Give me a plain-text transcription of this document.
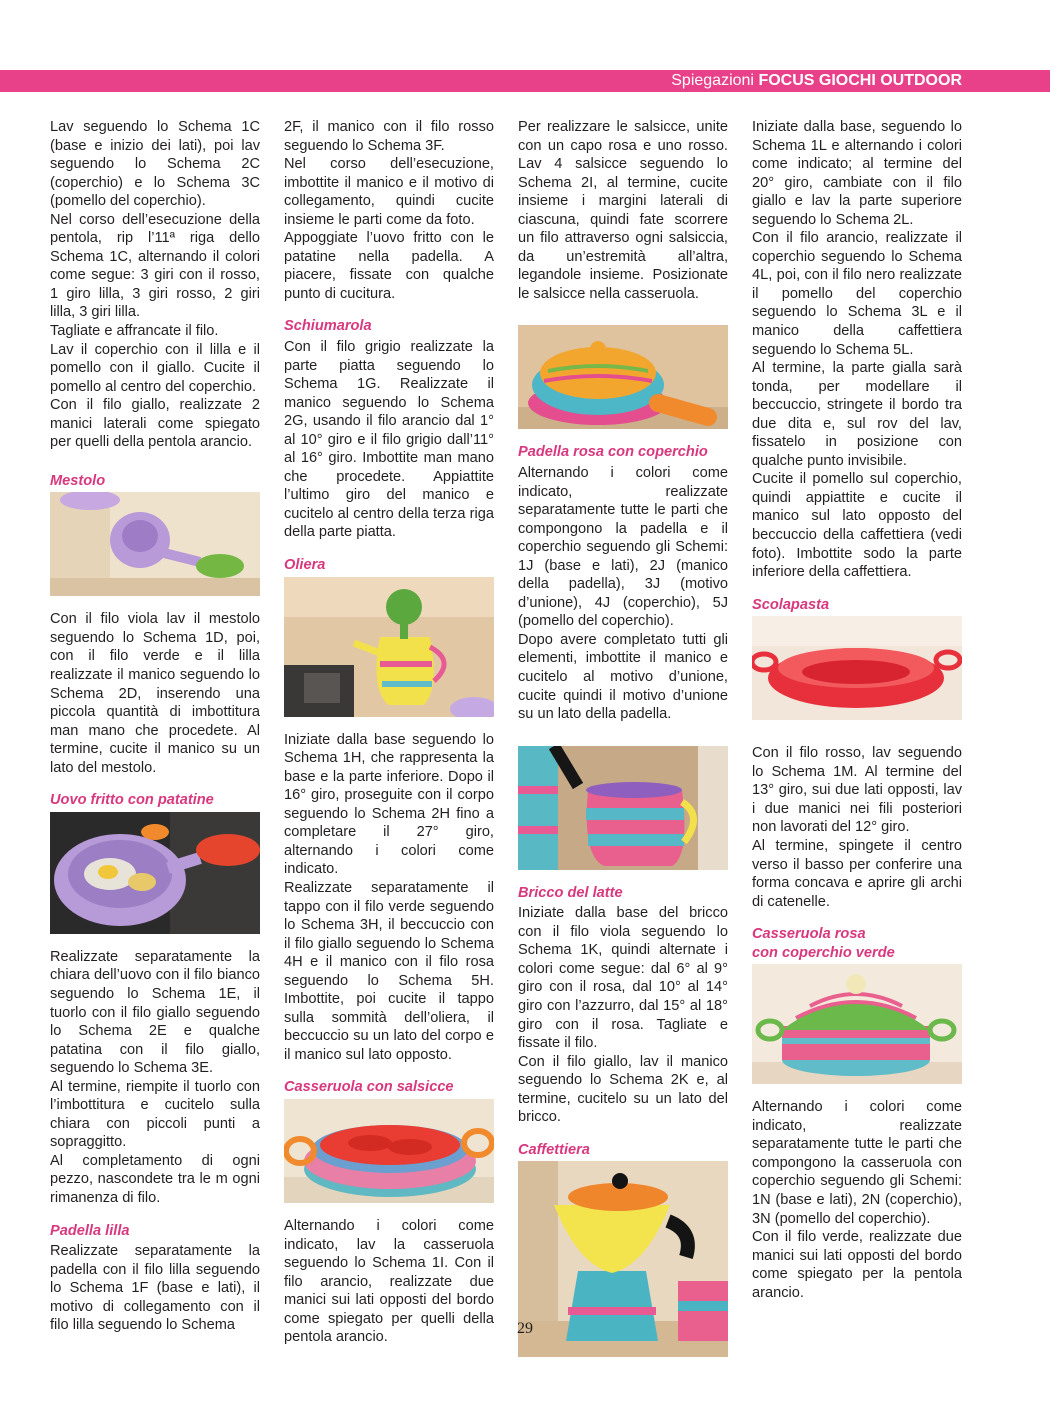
Spiegazioni FOCUS GIOCHI OUTDOOR

Lav seguendo lo Schema 1C (base e inizio dei lati), poi lav seguendo lo Schema 2C (coperchio) e lo Schema 3C (pomello del coperchio).

Nel corso dell’esecuzione della pentola, rip l’11ª riga dello Schema 1C, alternando il colori come segue: 3 giri con il rosso, 1 giro lilla, 3 giri rosso, 2 giri lilla, 3 giri lilla.

Tagliate e affrancate il filo.

Lav il coperchio con il lilla e il pomello con il giallo. Cucite il pomello al centro del coperchio.

Con il filo giallo, realizzate 2 manici laterali come spiegato per quelli della pentola arancio.

Mestolo

Con il filo viola lav il mestolo seguendo lo Schema 1D, poi, con il filo verde e il lilla realizzate il manico seguendo lo Schema 2D, inserendo una piccola quantità di imbottitura man mano che procedete. Al termine, cucite il manico su un lato del mestolo.

Uovo fritto con patatine

Realizzate separatamente la chiara dell’uovo con il filo bianco seguendo lo Schema 1E, il tuorlo con il filo giallo seguendo lo Schema 2E e qualche patatina con il filo giallo, seguendo lo Schema 3E.

Al termine, riempite il tuorlo con l’imbottitura e cucitelo sulla chiara con piccoli punti a sopraggitto.

Al completamento di ogni pezzo, nascondete tra le m ogni rimanenza di filo.

Padella lilla

Realizzate separatamente la padella con il filo lilla seguendo lo Schema 1F (base e lati), il motivo di collegamento con il filo lilla seguendo lo Schema

2F, il manico con il filo rosso seguendo lo Schema 3F.

Nel corso dell’esecuzione, imbottite il manico e il motivo di collegamento, quindi cucite insieme le parti come da foto.

Appoggiate l’uovo fritto con le patatine nella padella. A piacere, fissate con qualche punto di cucitura.

Schiumarola

Con il filo grigio realizzate la parte piatta seguendo lo Schema 1G. Realizzate il manico seguendo lo Schema 2G, usando il filo arancio dal 1° al 10° giro e il filo grigio dall’11° al 16° giro. Imbottite man mano che procedete. Appiattite l’ultimo giro del manico e cucitelo al centro della terza riga della parte piatta.

Oliera

Iniziate dalla base seguendo lo Schema 1H, che rappresenta la base e la parte inferiore. Dopo il 16° giro, proseguite con il corpo seguendo lo Schema 2H fino a completare il 27° giro, alternando i colori come indicato.

Realizzate separatamente il tappo con il filo verde seguendo lo Schema 3H, il beccuccio con il filo giallo seguendo lo Schema 4H e il manico con il filo rosa seguendo lo Schema 5H. Imbottite, poi cucite il tappo sulla sommità dell’oliera, il beccuccio su un lato del corpo e il manico sul lato opposto.

Casseruola con salsicce

Alternando i colori come indicato, lav la casseruola seguendo lo Schema 1I. Con il filo arancio, realizzate due manici sui lati opposti del bordo come spiegato per quelli della pentola arancio.

Per realizzare le salsicce, unite con un capo rosa e uno rosso. Lav 4 salsicce seguendo lo Schema 2I, al termine, cucite insieme i margini laterali di ciascuna, quindi fate scorrere un filo attraverso ogni salsiccia, da un’estremità all’altra, legandole insieme. Posizionate le salsicce nella casseruola.

Padella rosa con coperchio

Alternando i colori come indicato, realizzate separatamente tutte le parti che compongono la padella e il coperchio seguendo gli Schemi: 1J (base e lati), 2J (manico della padella), 3J (motivo d’unione), 4J (coperchio), 5J (pomello del coperchio).

Dopo avere completato tutti gli elementi, imbottite il manico e cucitelo al motivo d’unione, cucite quindi il motivo d’unione su un lato della padella.

Bricco del latte

Iniziate dalla base del bricco con il filo viola seguendo lo Schema 1K, quindi alternate i colori come segue: dal 6° al 9° giro con il rosa, dal 10° al 14° giro con l’azzurro, dal 15° al 18° giro con il rosa. Tagliate e fissate il filo.

Con il filo giallo, lav il manico seguendo lo Schema 2K e, al termine, cucitelo su un lato del bricco.

Caffettiera

Iniziate dalla base, seguendo lo Schema 1L e alternando i colori come indicato; al termine del 20° giro, cambiate con il filo giallo e lav la parte superiore seguendo lo Schema 2L.

Con il filo arancio, realizzate il coperchio seguendo lo Schema 4L, poi, con il filo nero realizzate il pomello del coperchio seguendo lo Schema 3L e il manico della caffettiera seguendo lo Schema 5L.

Al termine, la parte gialla sarà tonda, per modellare il beccuccio, stringete il bordo tra due dita e, sul rov del lav, fissatelo in posizione con qualche punto invisibile.

Cucite il pomello sul coperchio, quindi appiattite e cucite il manico sul lato opposto del beccuccio della caffettiera (vedi foto). Imbottite sodo la parte inferiore della caffettiera.

Scolapasta

Con il filo rosso, lav seguendo lo Schema 1M. Al termine del 13° giro, sui due lati opposti, lav i due manici nei fili posteriori non lavorati del 12° giro.

Al termine, spingete il centro verso il basso per conferire una forma concava e aprire gli archi di catenelle.

Casseruola rosa
con coperchio verde

Alternando i colori come indicato, realizzate separatamente tutte le parti che compongono la casseruola con coperchio seguendo gli Schemi: 1N (base e lati), 2N (coperchio), 3N (pomello del coperchio).

Con il filo verde, realizzate due manici sui lati opposti del bordo come spiegato per la pentola arancio.

29
